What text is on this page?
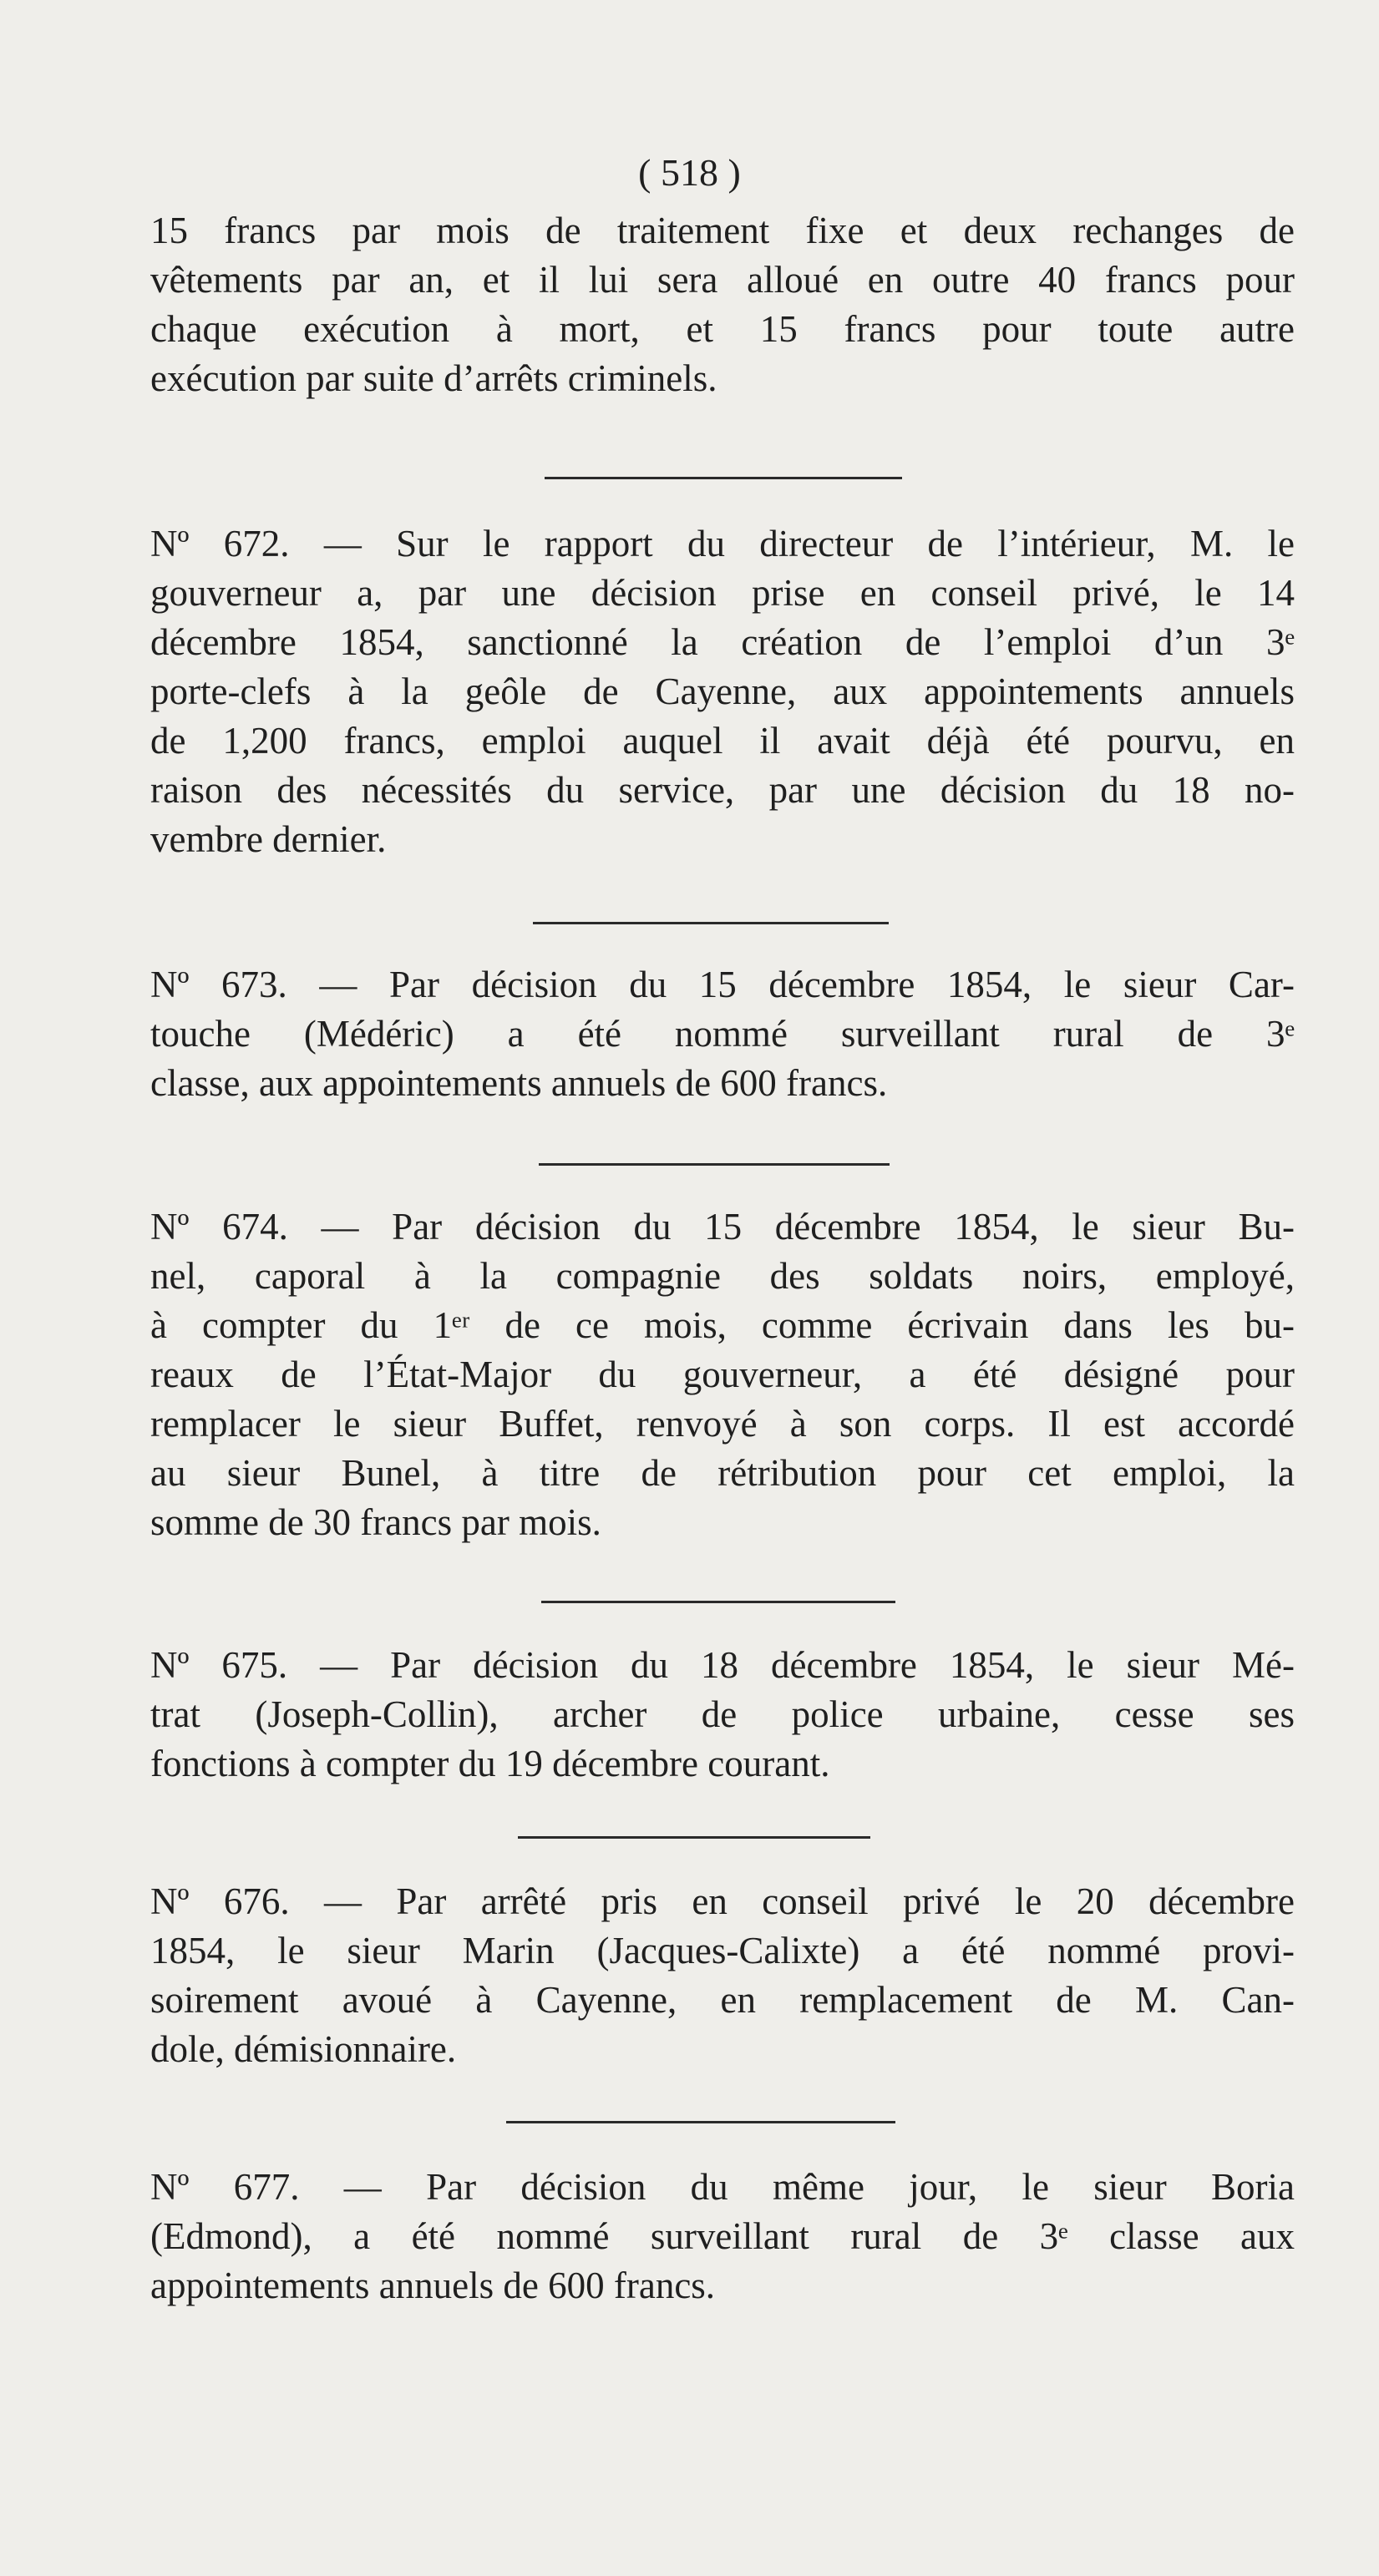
( 518 )
15 francs par mois de traitement fixe et deux rechanges de
vêtements par an, et il lui sera alloué en outre 40 francs pour
chaque exécution à mort, et 15 francs pour toute autre
exécution par suite d’arrêts criminels.
Nº 672. — Sur le rapport du directeur de l’intérieur, M. le
gouverneur a, par une décision prise en conseil privé, le 14
décembre 1854, sanctionné la création de l’emploi d’un 3ᵉ
porte-clefs à la geôle de Cayenne, aux appointements annuels
de 1,200 francs, emploi auquel il avait déjà été pourvu, en
raison des nécessités du service, par une décision du 18 no-
vembre dernier.
Nº 673. — Par décision du 15 décembre 1854, le sieur Car-
touche (Médéric) a été nommé surveillant rural de 3ᵉ
classe, aux appointements annuels de 600 francs.
Nº 674. — Par décision du 15 décembre 1854, le sieur Bu-
nel, caporal à la compagnie des soldats noirs, employé,
à compter du 1ᵉʳ de ce mois, comme écrivain dans les bu-
reaux de l’État-Major du gouverneur, a été désigné pour
remplacer le sieur Buffet, renvoyé à son corps. Il est accordé
au sieur Bunel, à titre de rétribution pour cet emploi, la
somme de 30 francs par mois.
Nº 675. — Par décision du 18 décembre 1854, le sieur Mé-
trat (Joseph-Collin), archer de police urbaine, cesse ses
fonctions à compter du 19 décembre courant.
Nº 676. — Par arrêté pris en conseil privé le 20 décembre
1854, le sieur Marin (Jacques-Calixte) a été nommé provi-
soirement avoué à Cayenne, en remplacement de M. Can-
dole, démisionnaire.
Nº 677. — Par décision du même jour, le sieur Boria
(Edmond), a été nommé surveillant rural de 3ᵉ classe aux
appointements annuels de 600 francs.
